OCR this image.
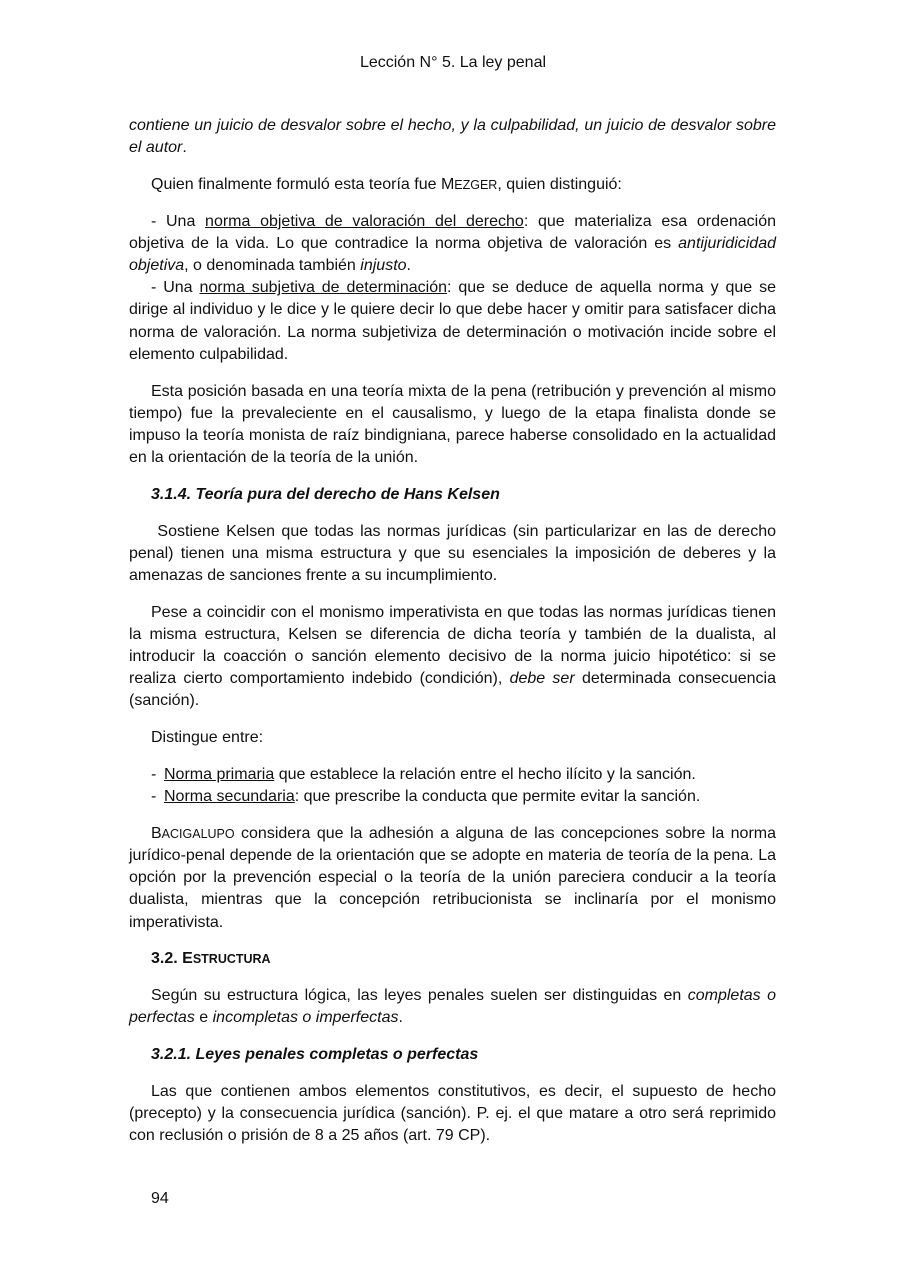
Lección N° 5. La ley penal

contiene un juicio de desvalor sobre el hecho, y la culpabilidad, un juicio de desvalor sobre el autor.

Quien finalmente formuló esta teoría fue MEZGER, quien distinguió:

- Una norma objetiva de valoración del derecho: que materializa esa ordenación objetiva de la vida. Lo que contradice la norma objetiva de valoración es antijuridicidad objetiva, o denominada también injusto.

- Una norma subjetiva de determinación: que se deduce de aquella norma y que se dirige al individuo y le dice y le quiere decir lo que debe hacer y omitir para satisfacer dicha norma de valoración. La norma subjetiviza de determinación o motivación incide sobre el elemento culpabilidad.

Esta posición basada en una teoría mixta de la pena (retribución y prevención al mismo tiempo) fue la prevaleciente en el causalismo, y luego de la etapa finalista donde se impuso la teoría monista de raíz bindigniana, parece haberse consolidado en la actualidad en la orientación de la teoría de la unión.

3.1.4. Teoría pura del derecho de Hans Kelsen

Sostiene Kelsen que todas las normas jurídicas (sin particularizar en las de derecho penal) tienen una misma estructura y que su esenciales la imposición de deberes y la amenazas de sanciones frente a su incumplimiento.

Pese a coincidir con el monismo imperativista en que todas las normas jurídicas tienen la misma estructura, Kelsen se diferencia de dicha teoría y también de la dualista, al introducir la coacción o sanción elemento decisivo de la norma juicio hipotético: si se realiza cierto comportamiento indebido (condición), debe ser determinada consecuencia (sanción).

Distingue entre:

- Norma primaria que establece la relación entre el hecho ilícito y la sanción.
- Norma secundaria: que prescribe la conducta que permite evitar la sanción.

BACIGALUPO considera que la adhesión a alguna de las concepciones sobre la norma jurídico-penal depende de la orientación que se adopte en materia de teoría de la pena. La opción por la prevención especial o la teoría de la unión pareciera conducir a la teoría dualista, mientras que la concepción retribucionista se inclinaría por el monismo imperativista.

3.2. ESTRUCTURA

Según su estructura lógica, las leyes penales suelen ser distinguidas en completas o perfectas e incompletas o imperfectas.

3.2.1. Leyes penales completas o perfectas

Las que contienen ambos elementos constitutivos, es decir, el supuesto de hecho (precepto) y la consecuencia jurídica (sanción). P. ej. el que matare a otro será reprimido con reclusión o prisión de 8 a 25 años (art. 79 CP).

94
